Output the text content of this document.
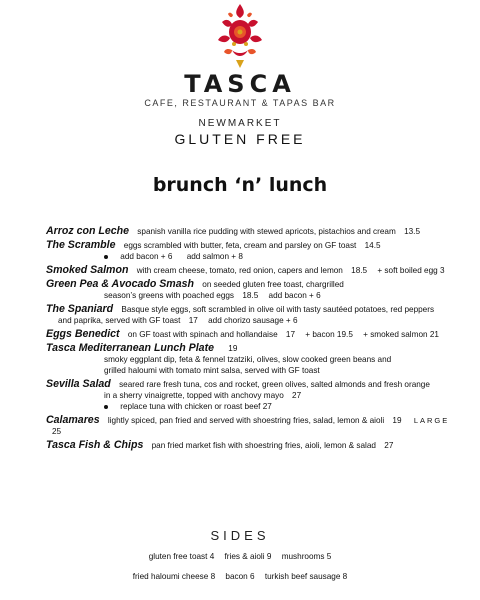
TASCA
CAFE, RESTAURANT & TAPAS BAR
NEWMARKET
GLUTEN FREE
brunch ‘n’ lunch
Arroz con Leche spanish vanilla rice pudding with stewed apricots, pistachios and cream 13.5
The Scramble eggs scrambled with butter, feta, cream and parsley on GF toast 14.5
add bacon + 6 add salmon + 8
Smoked Salmon with cream cheese, tomato, red onion, capers and lemon 18.5 + soft boiled egg 3
Green Pea & Avocado Smash on seeded gluten free toast, chargrilled
season’s greens with poached eggs 18.5 add bacon + 6
The Spaniard Basque style eggs, soft scrambled in olive oil with tasty sautéed potatoes, red peppers
and paprika, served with GF toast 17 add chorizo sausage + 6
Eggs Benedict on GF toast with spinach and hollandaise 17 + bacon 19.5 + smoked salmon 21
Tasca Mediterranean Lunch Plate 19
smoky eggplant dip, feta & fennel tzatziki, olives, slow cooked green beans and
grilled haloumi with tomato mint salsa, served with GF toast
Sevilla Salad seared rare fresh tuna, cos and rocket, green olives, salted almonds and fresh orange
in a sherry vinaigrette, topped with anchovy mayo 27
replace tuna with chicken or roast beef 27
Calamares lightly spiced, pan fried and served with shoestring fries, salad, lemon & aioli 19 LARGE 25
Tasca Fish & Chips pan fried market fish with shoestring fries, aioli, lemon & salad 27
SIDES
gluten free toast 4 fries & aioli 9 mushrooms 5
fried haloumi cheese 8 bacon 6 turkish beef sausage 8
